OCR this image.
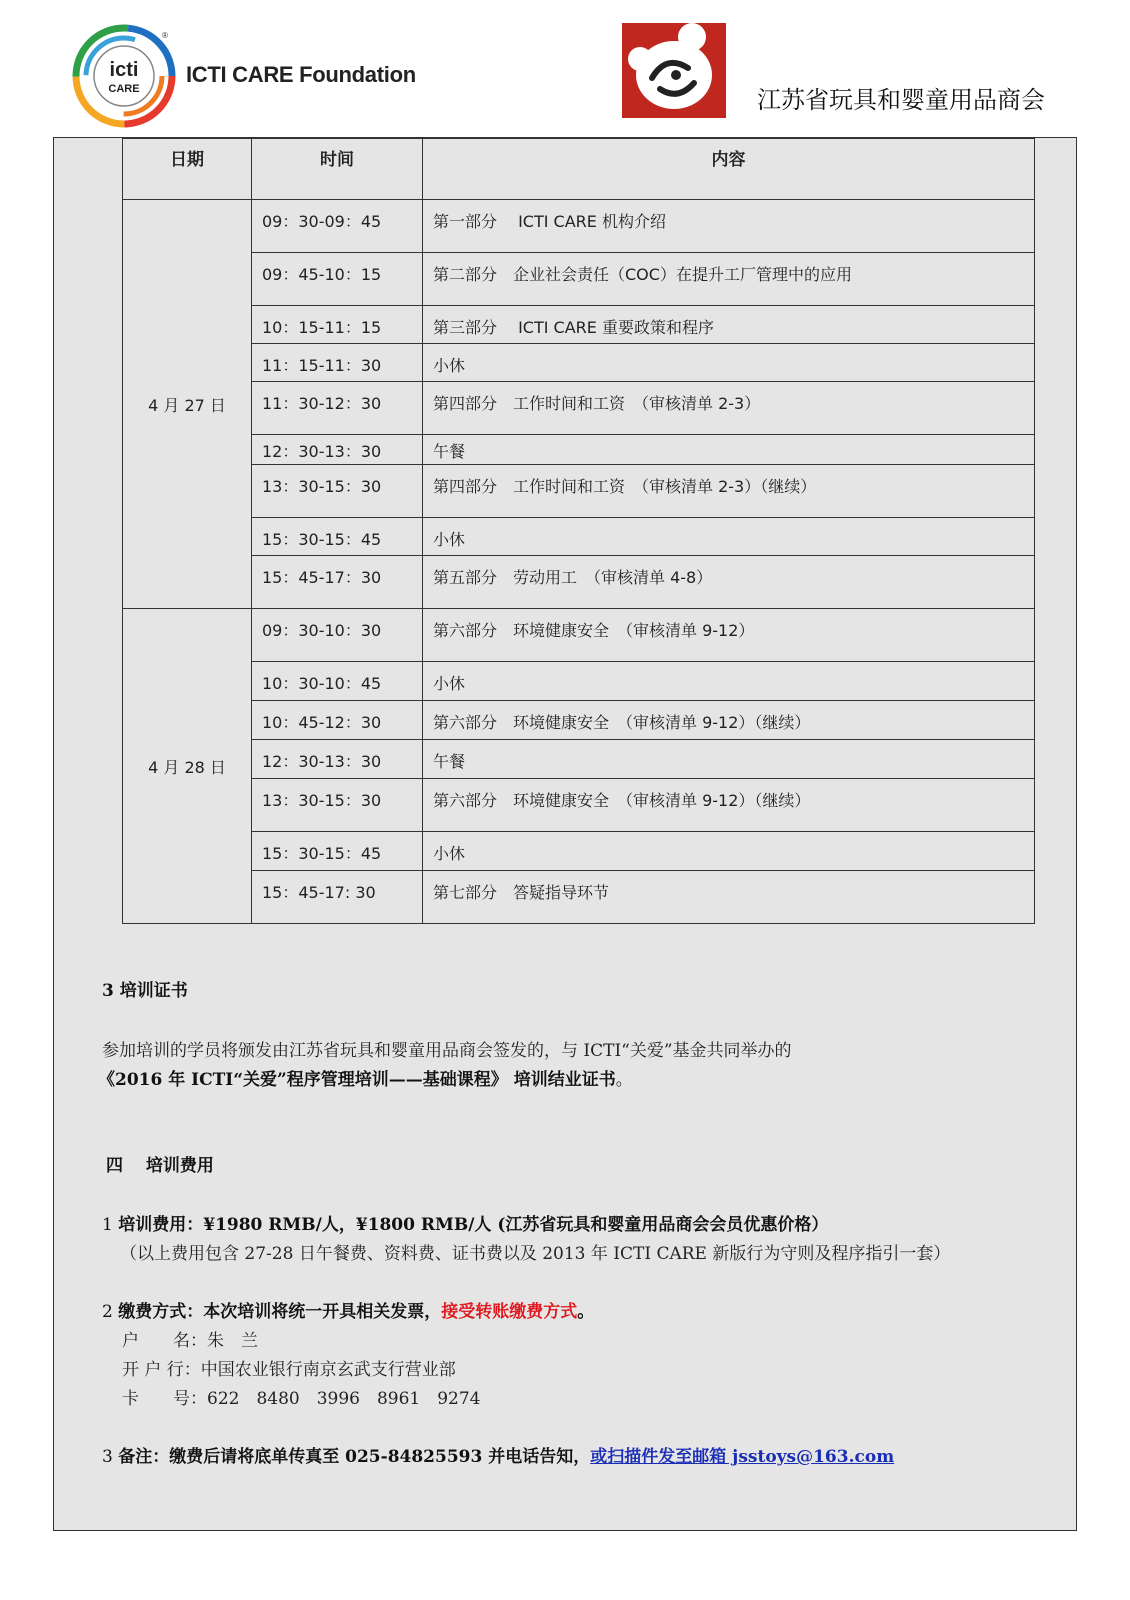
icti
CARE
®
ICTI CARE Foundation
江苏省玩具和婴童用品商会
日期	时间	内容
4 月 27 日	09：30-09：45	第一部分　 ICTI CARE 机构介绍
	09：45-10：15	第二部分　企业社会责任（COC）在提升工厂管理中的应用
	10：15-11：15	第三部分　 ICTI CARE 重要政策和程序
	11：15-11：30	小休
	11：30-12：30	第四部分　工作时间和工资　（审核清单 2-3）
	12：30-13：30	午餐
	13：30-15：30	第四部分　工作时间和工资　（审核清单 2-3）（继续）
	15：30-15：45	小休
	15：45-17：30	第五部分　劳动用工　（审核清单 4-8）
4 月 28 日	09：30-10：30	第六部分　环境健康安全　（审核清单 9-12）
	10：30-10：45	小休
	10：45-12：30	第六部分　环境健康安全　（审核清单 9-12）（继续）
	12：30-13：30	午餐
	13：30-15：30	第六部分　环境健康安全　（审核清单 9-12）（继续）
	15：30-15：45	小休
	15：45-17: 30	第七部分　答疑指导环节
3 培训证书
参加培训的学员将颁发由江苏省玩具和婴童用品商会签发的，与 ICTI“关爱”基金共同举办的
《2016 年 ICTI“关爱”程序管理培训——基础课程》 培训结业证书。
四　 培训费用
1 培训费用：¥1980 RMB/人，¥1800 RMB/人 (江苏省玩具和婴童用品商会会员优惠价格）
（以上费用包含 27-28 日午餐费、资料费、证书费以及 2013 年 ICTI CARE 新版行为守则及程序指引一套）
2 缴费方式：本次培训将统一开具相关发票，接受转账缴费方式。
户　　名：朱　兰
开 户 行：中国农业银行南京玄武支行营业部
卡　　号：622　8480　3996　8961　9274
3 备注：缴费后请将底单传真至 025-84825593 并电话告知，或扫描件发至邮箱 jsstoys@163.com
